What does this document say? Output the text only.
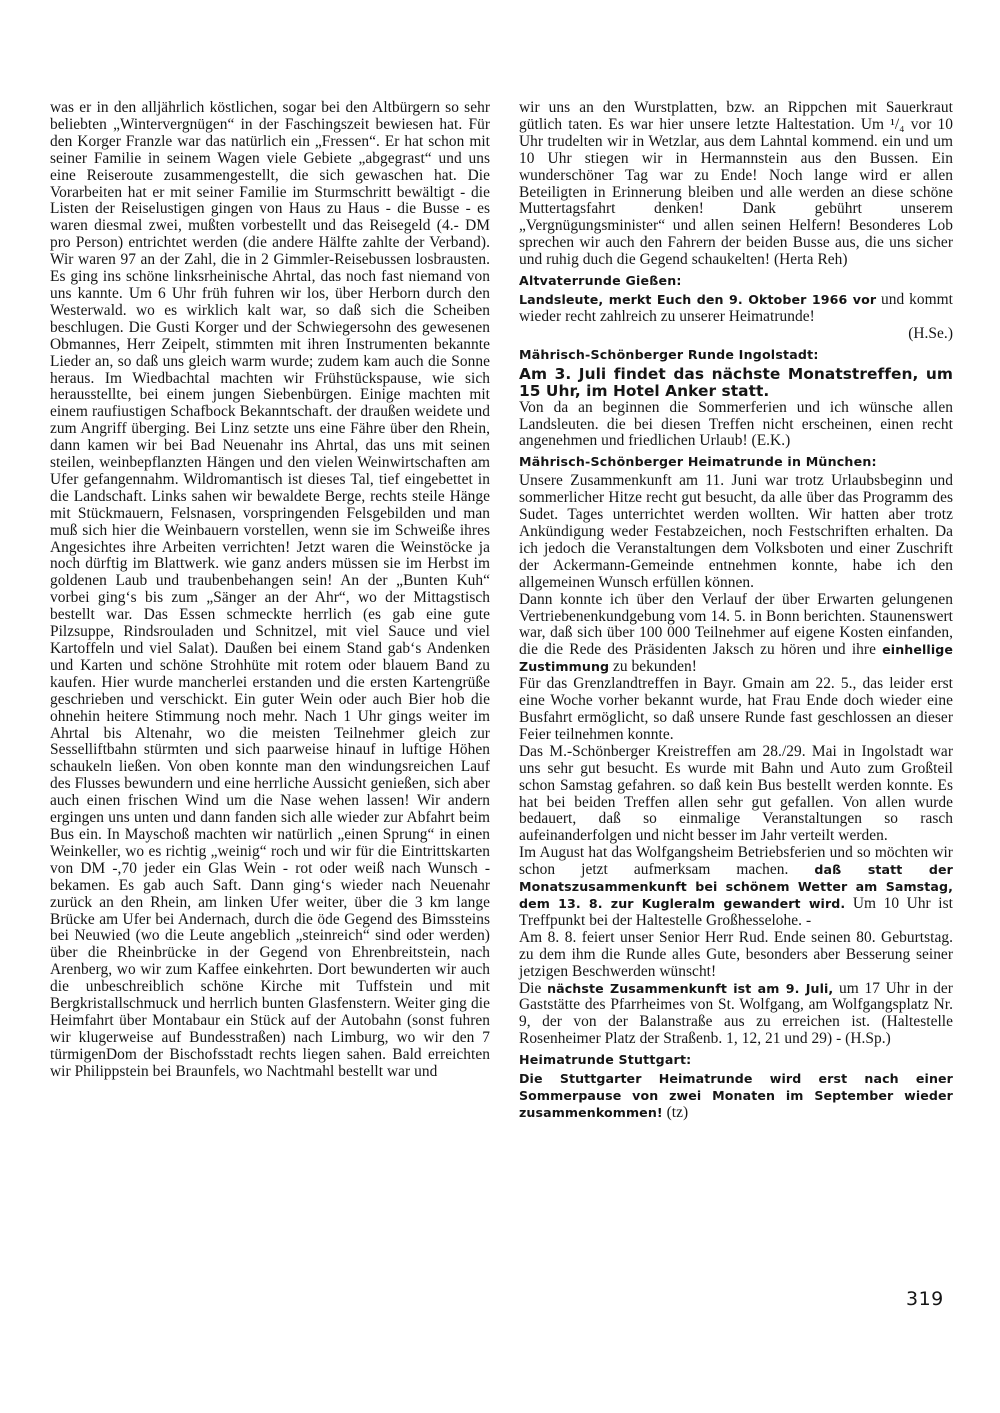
was er in den alljährlich köstlichen, sogar bei den Altbürgern so sehr beliebten „Wintervergnügen“ in der Faschingszeit bewiesen hat. Für den Korger Franzle war das natürlich ein „Fressen“. Er hat schon mit seiner Familie in seinem Wagen viele Gebiete „abgegrast“ und uns eine Reiseroute zusammengestellt, die sich gewaschen hat. Die Vorarbeiten hat er mit seiner Familie im Sturmschritt bewältigt - die Listen der Reiselustigen gingen von Haus zu Haus - die Busse - es waren diesmal zwei, mußten vorbestellt und das Reisegeld (4.- DM pro Person) entrichtet werden (die andere Hälfte zahlte der Verband). Wir waren 97 an der Zahl, die in 2 Gimmler-Reisebussen losbrausten. Es ging ins schöne linksrheinische Ahrtal, das noch fast niemand von uns kannte. Um 6 Uhr früh fuhren wir los, über Herborn durch den Westerwald. wo es wirklich kalt war, so daß sich die Scheiben beschlugen. Die Gusti Korger und der Schwiegersohn des gewesenen Obmannes, Herr Zeipelt, stimmten mit ihren Instrumenten bekannte Lieder an, so daß uns gleich warm wurde; zudem kam auch die Sonne heraus. Im Wiedbachtal machten wir Frühstückspause, wie sich herausstellte, bei einem jungen Siebenbürgen. Einige machten mit einem raufiustigen Schafbock Bekanntschaft. der draußen weidete und zum Angriff überging. Bei Linz setzte uns eine Fähre über den Rhein, dann kamen wir bei Bad Neuenahr ins Ahrtal, das uns mit seinen steilen, weinbepflanzten Hängen und den vielen Weinwirtschaften am Ufer gefangennahm. Wildromantisch ist dieses Tal, tief eingebettet in die Landschaft. Links sahen wir bewaldete Berge, rechts steile Hänge mit Stückmauern, Felsnasen, vorspringenden Felsgebilden und man muß sich hier die Weinbauern vorstellen, wenn sie im Schweiße ihres Angesichtes ihre Arbeiten verrichten! Jetzt waren die Weinstöcke ja noch dürftig im Blattwerk. wie ganz anders müssen sie im Herbst im goldenen Laub und traubenbehangen sein! An der „Bunten Kuh“ vorbei ging‘s bis zum „Sänger an der Ahr“, wo der Mittagstisch bestellt war. Das Essen schmeckte herrlich (es gab eine gute Pilzsuppe, Rindsrouladen und Schnitzel, mit viel Sauce und viel Kartoffeln und viel Salat). Daußen bei einem Stand gab‘s Andenken und Karten und schöne Strohhüte mit rotem oder blauem Band zu kaufen. Hier wurde mancherlei erstanden und die ersten Kartengrüße geschrieben und verschickt. Ein guter Wein oder auch Bier hob die ohnehin heitere Stimmung noch mehr. Nach 1 Uhr gings weiter im Ahrtal bis Altenahr, wo die meisten Teilnehmer gleich zur Sesselliftbahn stürmten und sich paarweise hinauf in luftige Höhen schaukeln ließen. Von oben konnte man den windungsreichen Lauf des Flusses bewundern und eine herrliche Aussicht genießen, sich aber auch einen frischen Wind um die Nase wehen lassen! Wir andern ergingen uns unten und dann fanden sich alle wieder zur Abfahrt beim Bus ein. In Mayschoß machten wir natürlich „einen Sprung“ in einen Weinkeller, wo es richtig „weinig“ roch und wir für die Eintrittskarten von DM -,70 jeder ein Glas Wein - rot oder weiß nach Wunsch - bekamen. Es gab auch Saft. Dann ging‘s wieder nach Neuenahr zurück an den Rhein, am linken Ufer weiter, über die 3 km lange Brücke am Ufer bei Andernach, durch die öde Gegend des Bimssteins bei Neuwied (wo die Leute angeblich „steinreich“ sind oder werden) über die Rheinbrücke in der Gegend von Ehrenbreitstein, nach Arenberg, wo wir zum Kaffee einkehrten. Dort bewunderten wir auch die unbeschreiblich schöne Kirche mit Tuffstein und mit Bergkristallschmuck und herrlich bunten Glasfenstern. Weiter ging die Heimfahrt über Montabaur ein Stück auf der Autobahn (sonst fuhren wir klugerweise auf Bundesstraßen) nach Limburg, wo wir den 7 türmigenDom der Bischofsstadt rechts liegen sahen. Bald erreichten wir Philippstein bei Braunfels, wo Nachtmahl bestellt war und

wir uns an den Wurstplatten, bzw. an Rippchen mit Sauerkraut gütlich taten. Es war hier unsere letzte Haltestation. Um ¹/₄ vor 10 Uhr trudelten wir in Wetzlar, aus dem Lahntal kommend. ein und um 10 Uhr stiegen wir in Hermannstein aus den Bussen. Ein wunderschöner Tag war zu Ende! Noch lange wird er allen Beteiligten in Erinnerung bleiben und alle werden an diese schöne Muttertagsfahrt denken! Dank gebührt unserem „Vergnügungsminister“ und allen seinen Helfern! Besonderes Lob sprechen wir auch den Fahrern der beiden Busse aus, die uns sicher und ruhig duch die Gegend schaukelten! (Herta Reh)

Altvaterrunde Gießen:

Landsleute, merkt Euch den 9. Oktober 1966 vor und kommt wieder recht zahlreich zu unserer Heimatrunde!
(H.Se.)

Mährisch-Schönberger Runde Ingolstadt:

Am 3. Juli findet das nächste Monatstreffen, um 15 Uhr, im Hotel Anker statt.

Von da an beginnen die Sommerferien und ich wünsche allen Landsleuten. die bei diesen Treffen nicht erscheinen, einen recht angenehmen und friedlichen Urlaub! (E.K.)

Mährisch-Schönberger Heimatrunde in München:

Unsere Zusammenkunft am 11. Juni war trotz Urlaubsbeginn und sommerlicher Hitze recht gut besucht, da alle über das Programm des Sudet. Tages unterrichtet werden wollten. Wir hatten aber trotz Ankündigung weder Festabzeichen, noch Festschriften erhalten. Da ich jedoch die Veranstaltungen dem Volksboten und einer Zuschrift der Ackermann-Gemeinde entnehmen konnte, habe ich den allgemeinen Wunsch erfüllen können.

Dann konnte ich über den Verlauf der über Erwarten gelungenen Vertriebenenkundgebung vom 14. 5. in Bonn berichten. Staunenswert war, daß sich über 100 000 Teilnehmer auf eigene Kosten einfanden, die die Rede des Präsidenten Jaksch zu hören und ihre einhellige Zustimmung zu bekunden!

Für das Grenzlandtreffen in Bayr. Gmain am 22. 5., das leider erst eine Woche vorher bekannt wurde, hat Frau Ende doch wieder eine Busfahrt ermöglicht, so daß unsere Runde fast geschlossen an dieser Feier teilnehmen konnte.

Das M.-Schönberger Kreistreffen am 28./29. Mai in Ingolstadt war uns sehr gut besucht. Es wurde mit Bahn und Auto zum Großteil schon Samstag gefahren. so daß kein Bus bestellt werden konnte. Es hat bei beiden Treffen allen sehr gut gefallen. Von allen wurde bedauert, daß so einmalige Veranstaltungen so rasch aufeinanderfolgen und nicht besser im Jahr verteilt werden.

Im August hat das Wolfgangsheim Betriebsferien und so möchten wir schon jetzt aufmerksam machen. daß statt der Monatszusammenkunft bei schönem Wetter am Samstag, dem 13. 8. zur Kugleralm gewandert wird. Um 10 Uhr ist Treffpunkt bei der Haltestelle Großhesselohe. -

Am 8. 8. feiert unser Senior Herr Rud. Ende seinen 80. Geburtstag. zu dem ihm die Runde alles Gute, besonders aber Besserung seiner jetzigen Beschwerden wünscht!

Die nächste Zusammenkunft ist am 9. Juli, um 17 Uhr in der Gaststätte des Pfarrheimes von St. Wolfgang, am Wolfgangsplatz Nr. 9, der von der Balanstraße aus zu erreichen ist. (Haltestelle Rosenheimer Platz der Straßenb. 1, 12, 21 und 29) - (H.Sp.)

Heimatrunde Stuttgart:

Die Stuttgarter Heimatrunde wird erst nach einer Sommerpause von zwei Monaten im September wieder zusammenkommen! (tz)

319
